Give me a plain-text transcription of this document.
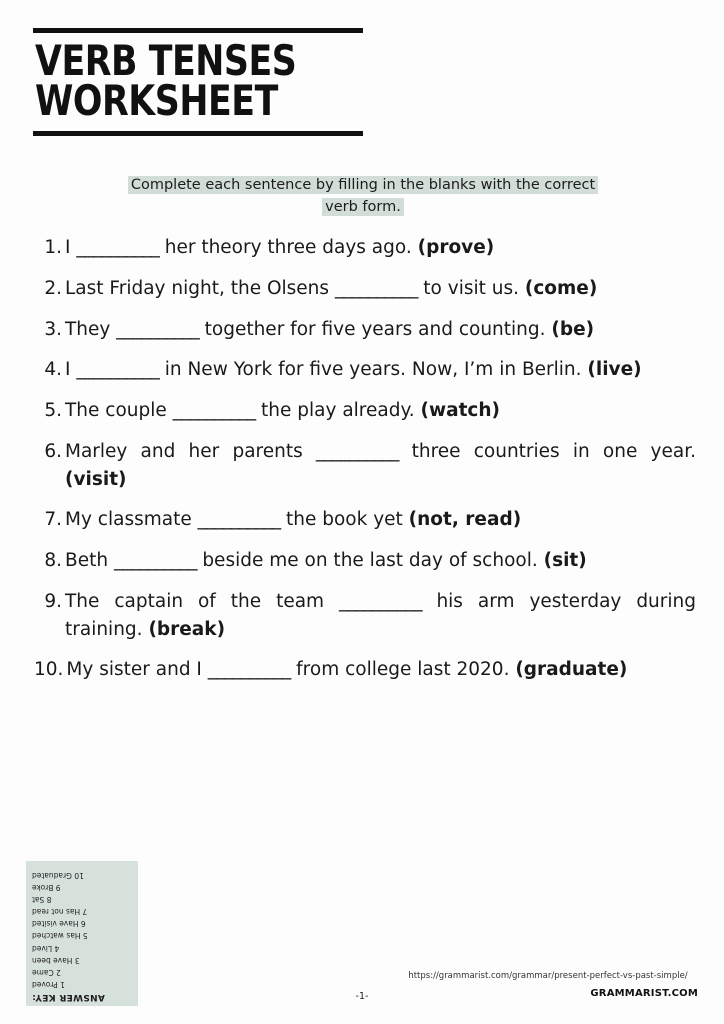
VERB TENSES
WORKSHEET
Complete each sentence by filling in the blanks with the correct verb form.
1. I __________ her theory three days ago. (prove)
2. Last Friday night, the Olsens __________ to visit us. (come)
3. They __________ together for five years and counting. (be)
4. I __________ in New York for five years. Now, I’m in Berlin. (live)
5. The couple __________ the play already. (watch)
6. Marley and her parents __________ three countries in one year. (visit)
7. My classmate __________ the book yet (not, read)
8. Beth __________ beside me on the last day of school. (sit)
9. The captain of the team __________ his arm yesterday during training. (break)
10. My sister and I __________ from college last 2020. (graduate)
ANSWER KEY:
1 Proved
2 Came
3 Have been
4 Lived
5 Has watched
6 Have visited
7 Has not read
8 Sat
9 Broke
10 Graduated
https://grammarist.com/grammar/present-perfect-vs-past-simple/
GRAMMARIST.COM
-1-
